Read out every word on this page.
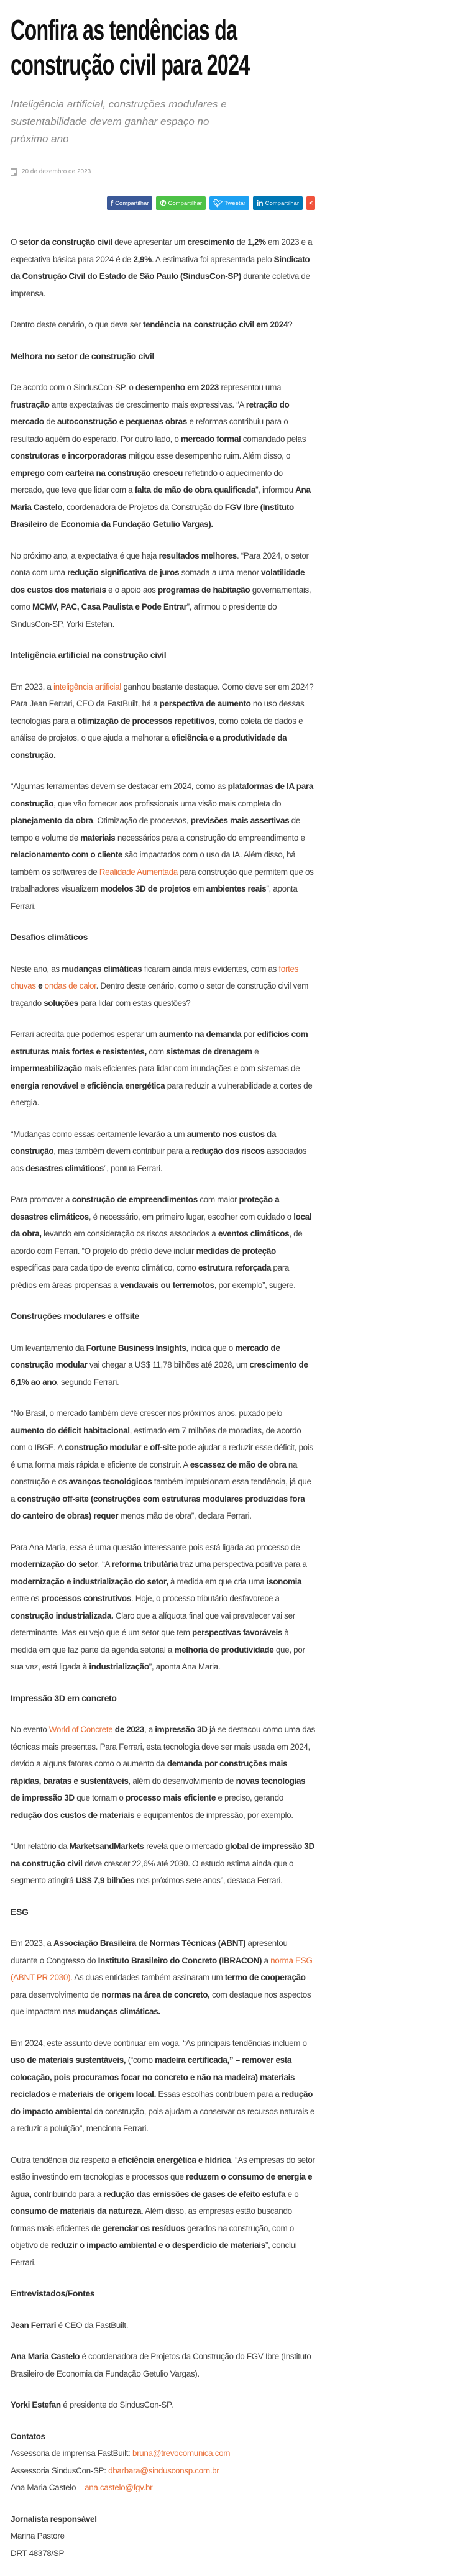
Confira as tendências da construção civil para 2024
Inteligência artificial, construções modulares e sustentabilidade devem ganhar espaço no próximo ano
20 de dezembro de 2023
f Compartilhar ✆ Compartilhar 🐦︎ Tweetar in Compartilhar <

O setor da construção civil deve apresentar um crescimento de 1,2% em 2023 e a expectativa básica para 2024 é de 2,9%. A estimativa foi apresentada pelo Sindicato da Construção Civil do Estado de São Paulo (SindusCon-SP) durante coletiva de imprensa.

Dentro deste cenário, o que deve ser tendência na construção civil em 2024?

Melhora no setor de construção civil

De acordo com o SindusCon-SP, o desempenho em 2023 representou uma frustração ante expectativas de crescimento mais expressivas. “A retração do mercado de autoconstrução e pequenas obras e reformas contribuiu para o resultado aquém do esperado. Por outro lado, o mercado formal comandado pelas construtoras e incorporadoras mitigou esse desempenho ruim. Além disso, o emprego com carteira na construção cresceu refletindo o aquecimento do mercado, que teve que lidar com a falta de mão de obra qualificada”, informou Ana Maria Castelo, coordenadora de Projetos da Construção do FGV Ibre (Instituto Brasileiro de Economia da Fundação Getulio Vargas).

No próximo ano, a expectativa é que haja resultados melhores. “Para 2024, o setor conta com uma redução significativa de juros somada a uma menor volatilidade dos custos dos materiais e o apoio aos programas de habitação governamentais, como MCMV, PAC, Casa Paulista e Pode Entrar”, afirmou o presidente do SindusCon-SP, Yorki Estefan.

Inteligência artificial na construção civil

Em 2023, a inteligência artificial ganhou bastante destaque. Como deve ser em 2024? Para Jean Ferrari, CEO da FastBuilt, há a perspectiva de aumento no uso dessas tecnologias para a otimização de processos repetitivos, como coleta de dados e análise de projetos, o que ajuda a melhorar a eficiência e a produtividade da construção.

“Algumas ferramentas devem se destacar em 2024, como as plataformas de IA para construção, que vão fornecer aos profissionais uma visão mais completa do planejamento da obra. Otimização de processos, previsões mais assertivas de tempo e volume de materiais necessários para a construção do empreendimento e relacionamento com o cliente são impactados com o uso da IA. Além disso, há também os softwares de Realidade Aumentada para construção que permitem que os trabalhadores visualizem modelos 3D de projetos em ambientes reais”, aponta Ferrari.

Desafios climáticos

Neste ano, as mudanças climáticas ficaram ainda mais evidentes, com as fortes chuvas e ondas de calor. Dentro deste cenário, como o setor de construção civil vem traçando soluções para lidar com estas questões?

Ferrari acredita que podemos esperar um aumento na demanda por edifícios com estruturas mais fortes e resistentes, com sistemas de drenagem e impermeabilização mais eficientes para lidar com inundações e com sistemas de energia renovável e eficiência energética para reduzir a vulnerabilidade a cortes de energia.

“Mudanças como essas certamente levarão a um aumento nos custos da construção, mas também devem contribuir para a redução dos riscos associados aos desastres climáticos”, pontua Ferrari.

Para promover a construção de empreendimentos com maior proteção a desastres climáticos, é necessário, em primeiro lugar, escolher com cuidado o local da obra, levando em consideração os riscos associados a eventos climáticos, de acordo com Ferrari. “O projeto do prédio deve incluir medidas de proteção específicas para cada tipo de evento climático, como estrutura reforçada para prédios em áreas propensas a vendavais ou terremotos, por exemplo”, sugere.

Construções modulares e offsite

Um levantamento da Fortune Business Insights, indica que o mercado de construção modular vai chegar a US$ 11,78 bilhões até 2028, um crescimento de 6,1% ao ano, segundo Ferrari.

“No Brasil, o mercado também deve crescer nos próximos anos, puxado pelo aumento do déficit habitacional, estimado em 7 milhões de moradias, de acordo com o IBGE. A construção modular e off-site pode ajudar a reduzir esse déficit, pois é uma forma mais rápida e eficiente de construir. A escassez de mão de obra na construção e os avanços tecnológicos também impulsionam essa tendência, já que a construção off-site (construções com estruturas modulares produzidas fora do canteiro de obras) requer menos mão de obra”, declara Ferrari.

Para Ana Maria, essa é uma questão interessante pois está ligada ao processo de modernização do setor. “A reforma tributária traz uma perspectiva positiva para a modernização e industrialização do setor, à medida em que cria uma isonomia entre os processos construtivos. Hoje, o processo tributário desfavorece a construção industrializada. Claro que a alíquota final que vai prevalecer vai ser determinante. Mas eu vejo que é um setor que tem perspectivas favoráveis à medida em que faz parte da agenda setorial a melhoria de produtividade que, por sua vez, está ligada à industrialização”, aponta Ana Maria.

Impressão 3D em concreto

No evento World of Concrete de 2023, a impressão 3D já se destacou como uma das técnicas mais presentes. Para Ferrari, esta tecnologia deve ser mais usada em 2024, devido a alguns fatores como o aumento da demanda por construções mais rápidas, baratas e sustentáveis, além do desenvolvimento de novas tecnologias de impressão 3D que tornam o processo mais eficiente e preciso, gerando redução dos custos de materiais e equipamentos de impressão, por exemplo.

“Um relatório da MarketsandMarkets revela que o mercado global de impressão 3D na construção civil deve crescer 22,6% até 2030. O estudo estima ainda que o segmento atingirá US$ 7,9 bilhões nos próximos sete anos”, destaca Ferrari.

ESG

Em 2023, a Associação Brasileira de Normas Técnicas (ABNT) apresentou durante o Congresso do Instituto Brasileiro do Concreto (IBRACON) a norma ESG (ABNT PR 2030). As duas entidades também assinaram um termo de cooperação para desenvolvimento de normas na área de concreto, com destaque nos aspectos que impactam nas mudanças climáticas.

Em 2024, este assunto deve continuar em voga. “As principais tendências incluem o uso de materiais sustentáveis, (“como madeira certificada,” – remover esta colocação, pois procuramos focar no concreto e não na madeira) materiais reciclados e materiais de origem local. Essas escolhas contribuem para a redução do impacto ambiental da construção, pois ajudam a conservar os recursos naturais e a reduzir a poluição”, menciona Ferrari.

Outra tendência diz respeito à eficiência energética e hídrica. “As empresas do setor estão investindo em tecnologias e processos que reduzem o consumo de energia e água, contribuindo para a redução das emissões de gases de efeito estufa e o consumo de materiais da natureza. Além disso, as empresas estão buscando formas mais eficientes de gerenciar os resíduos gerados na construção, com o objetivo de reduzir o impacto ambiental e o desperdício de materiais”, conclui Ferrari.

Entrevistados/Fontes

Jean Ferrari é CEO da FastBuilt.

Ana Maria Castelo é coordenadora de Projetos da Construção do FGV Ibre (Instituto Brasileiro de Economia da Fundação Getulio Vargas).

Yorki Estefan é presidente do SindusCon-SP.

Contatos
Assessoria de imprensa FastBuilt: bruna@trevocomunica.com
Assessoria SindusCon-SP: dbarbara@sindusconsp.com.br
Ana Maria Castelo – ana.castelo@fgv.br
Jornalista responsável
Marina Pastore
DRT 48378/SP
